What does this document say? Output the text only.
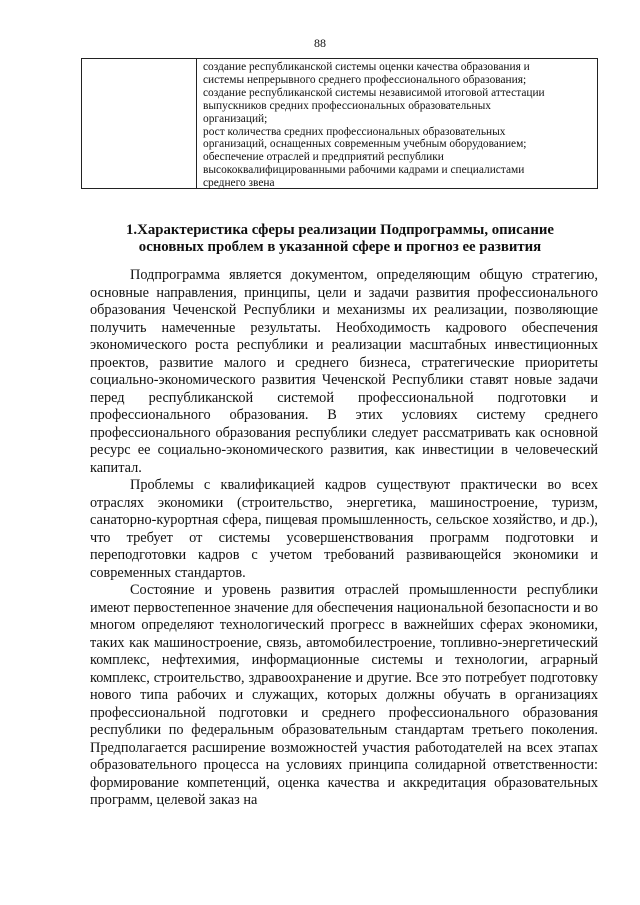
88

создание республиканской системы оценки качества образования и

системы непрерывного среднего профессионального образования;

создание республиканской системы независимой итоговой аттестации

выпускников средних профессиональных образовательных

организаций;

рост количества средних профессиональных образовательных

организаций, оснащенных современным учебным оборудованием;

обеспечение отраслей и предприятий республики

высококвалифицированными рабочими кадрами и специалистами

среднего звена

1.Характеристика сферы реализации Подпрограммы, описание
основных проблем в указанной сфере и прогноз ее развития

Подпрограмма является документом, определяющим общую стратегию, основные направления, принципы, цели и задачи развития профессионального образования Чеченской Республики и механизмы их реализации, позволяющие получить намеченные результаты. Необходимость кадрового обеспечения экономического роста республики и реализации масштабных инвестиционных проектов, развитие малого и среднего бизнеса, стратегические приоритеты социально-экономического развития Чеченской Республики ставят новые задачи перед республиканской системой профессиональной подготовки и профессионального образования. В этих условиях систему среднего профессионального образования республики следует рассматривать как основной ресурс ее социально-экономического развития, как инвестиции в человеческий капитал.

Проблемы с квалификацией кадров существуют практически во всех отраслях экономики (строительство, энергетика, машиностроение, туризм, санаторно-курортная сфера, пищевая промышленность, сельское хозяйство, и др.), что требует от системы усовершенствования программ подготовки и переподготовки кадров с учетом требований развивающейся экономики и современных стандартов.

Состояние и уровень развития отраслей промышленности республики имеют первостепенное значение для обеспечения национальной безопасности и во многом определяют технологический прогресс в важнейших сферах экономики, таких как машиностроение, связь, автомобилестроение, топливно-энергетический комплекс, нефтехимия, информационные системы и технологии, аграрный комплекс, строительство, здравоохранение и другие. Все это потребует подготовку нового типа рабочих и служащих, которых должны обучать в организациях профессиональной подготовки и среднего профессионального образования республики по федеральным образовательным стандартам третьего поколения. Предполагается расширение возможностей участия работодателей на всех этапах образовательного процесса на условиях принципа солидарной ответственности: формирование компетенций, оценка качества и аккредитация образовательных программ, целевой заказ на
